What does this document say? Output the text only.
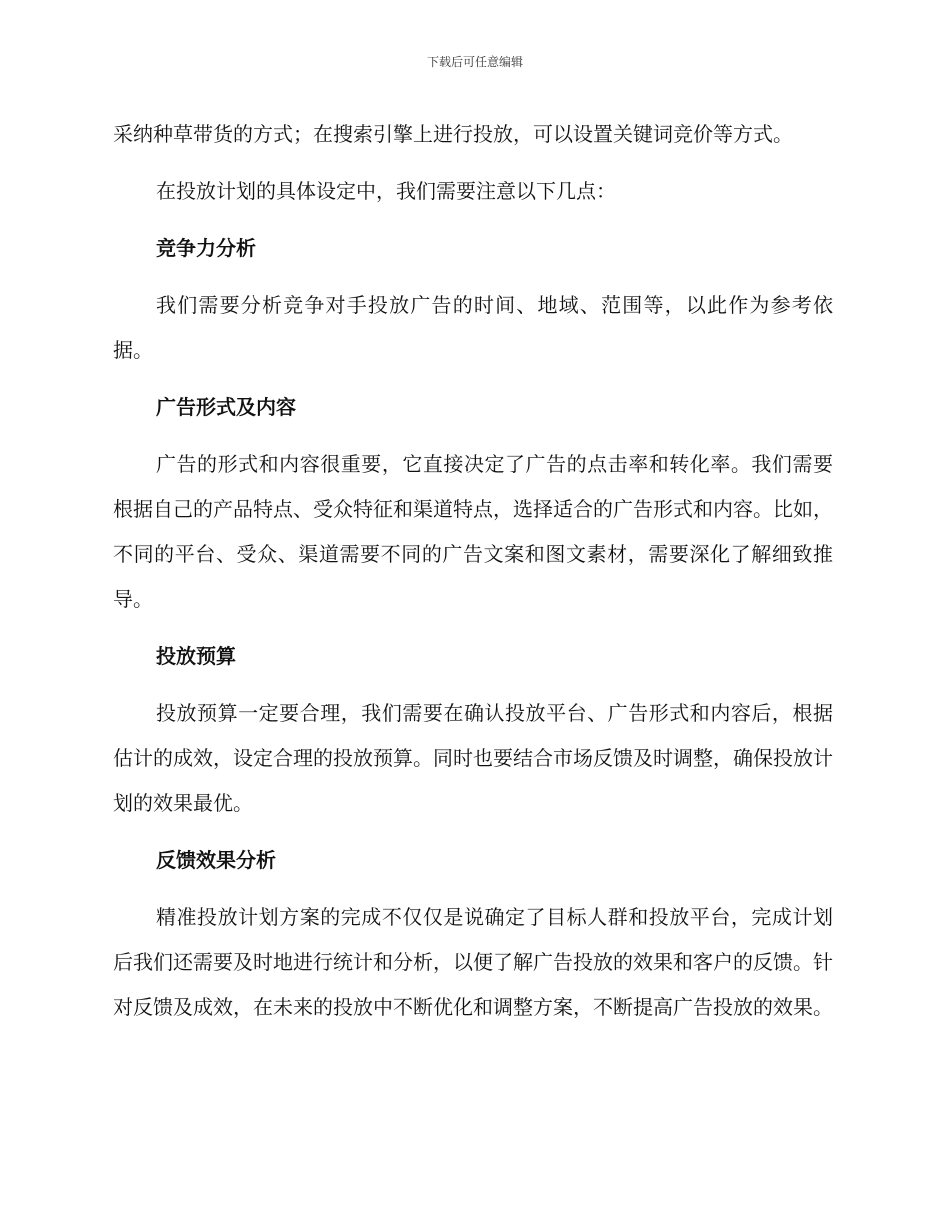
下载后可任意编辑

采纳种草带货的方式；在搜索引擎上进行投放，可以设置关键词竞价等方式。

在投放计划的具体设定中，我们需要注意以下几点：

竞争力分析

我们需要分析竞争对手投放广告的时间、地域、范围等，以此作为参考依据。

广告形式及内容

广告的形式和内容很重要，它直接决定了广告的点击率和转化率。我们需要根据自己的产品特点、受众特征和渠道特点，选择适合的广告形式和内容。比如，不同的平台、受众、渠道需要不同的广告文案和图文素材，需要深化了解细致推导。

投放预算

投放预算一定要合理，我们需要在确认投放平台、广告形式和内容后，根据估计的成效，设定合理的投放预算。同时也要结合市场反馈及时调整，确保投放计划的效果最优。

反馈效果分析

精准投放计划方案的完成不仅仅是说确定了目标人群和投放平台，完成计划后我们还需要及时地进行统计和分析，以便了解广告投放的效果和客户的反馈。针对反馈及成效，在未来的投放中不断优化和调整方案，不断提高广告投放的效果。
